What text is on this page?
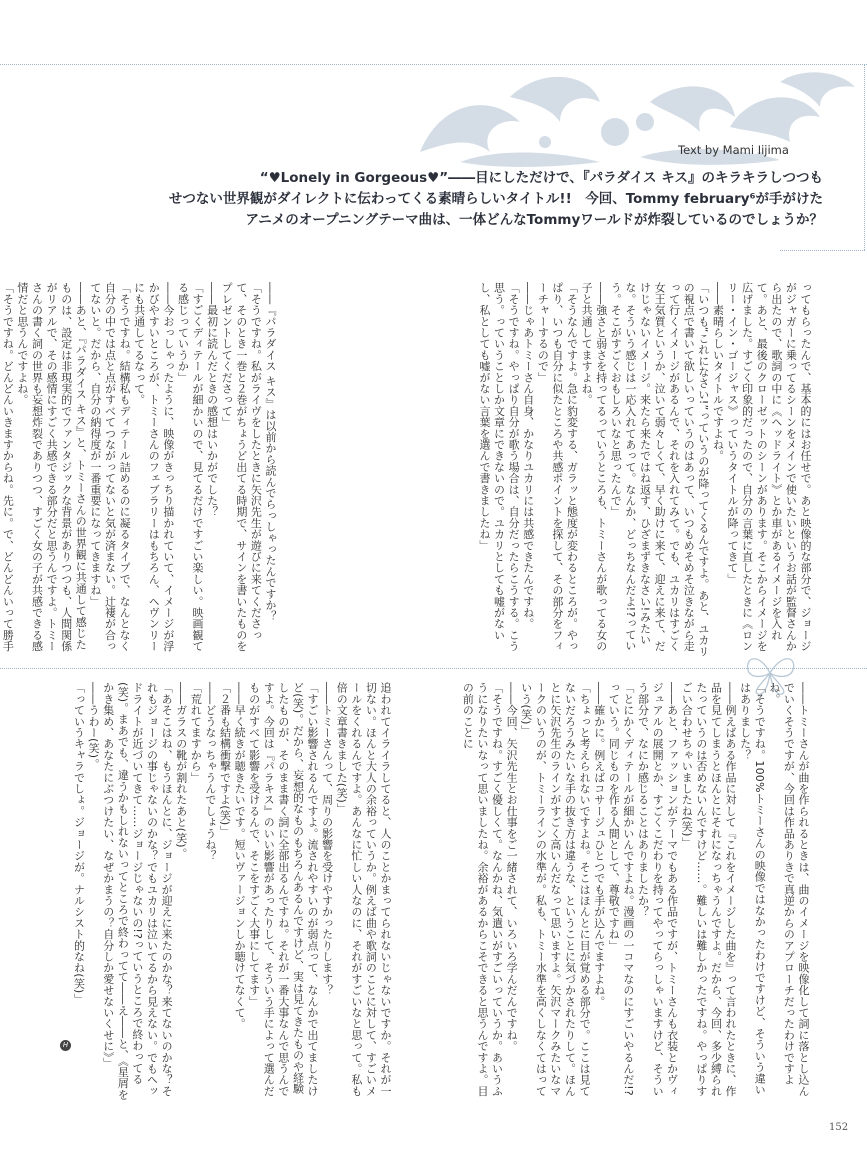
Text by Mami Iijima
“♥Lonely in Gorgeous♥”――目にしただけで、『パラダイス キス』のキラキラしつつも
せつない世界観がダイレクトに伝わってくる素晴らしいタイトル!!　今回、Tommy february⁶が手がけた
アニメのオープニングテーマ曲は、一体どんなTommyワールドが炸裂しているのでしょうか？

――『パラダイス キス』は以前から読んでらっしゃったんですか？

「そうですね。私がライヴをしたときに矢沢先生が遊びに来てくださって、そのとき一巻と２巻がちょうど出てる時期で、サインを書いたものをプレゼントしてくださって」

――最初に読んだときの感想はいかがでした？

「すごくディテールが細かいので、見てるだけですごい楽しい。映画観てる感じっていうか」

――今おっしゃったように、映像がきっちり描かれていて、イメージが浮かびやすいところが、トミーさんのフェブラリーはもちろん、ヘヴンリーにも共通してるなって。

「そうですね。結構私もディテール詰めるのに凝るタイプで、なんとなく自分の中では点と点がすべてつながってないと気が済まない。辻褄が合ってないと。だから、自分の納得度が一番重要になってきますね」

――あと、『パラダイス キス』と、トミーさんの世界観に共通して感じたものは、設定は非現実的でファンタジックな背景がありつつも、人間関係がリアルで、その感情にすごく共感できる部分だと思うんですよ。トミーさんの書く詞の世界も妄想炸裂でありつつ、すごく女の子が共感できる感情だと思うんですよね。

「そうですね。どんどんいきますからね。先に。で、どんどんいって勝手	ってもらったんで、基本的にはお任せで。あと映像的な部分で、ジョージがジャガーに乗ってるシーンをメインで使いたいというお話が監督さんから出たので、歌詞の中に《ヘッドライト》とか車があるイメージを入れて。あと、最後のクローゼットのシーンがあります。そこからイメージを広げました。すごく印象的だったので、自分の言葉に直したときに《ロンリー・イン・ゴージャス》っていうタイトルが降ってきて」

――素晴らしいタイトルですよね。

「いつも“これになさい!”っていうのが降ってくるんですよ。あと、ユカリの視点で書いて欲しいっていうのはあって、いつもめそめそ泣きながら走って行くイメージがあるんで、それを入れてみて。でも、ユカリはすごく女王気質というか、泣いて弱々しくて、早く助けに来て、迎えに来て、だけじゃないイメージ。来たら来たではね返す、ひざまずきなさい!みたいな。そういう感じは一応入れてあって。なんか、どっちなんだよ!?っていう。そこがすごくおもしろいなと思ったんで」

――強さと弱さを持ってるっていうところも、トミーさんが歌ってる女の子と共通してますよね。

「そうなんですよ。急に豹変する、ガラッと態度が変わるところが。やっぱり、いつも自分に似たところや共感ポイントを探して、その部分をフィーチャーするので」

――じゃあトミーさん自身、かなりユカリには共感できたんですね。

「そうですね。やっぱり自分が歌う場合は、自分だったらこうする。こう思う。っていうことしか文章にできないので。ユカリとしても嘘がないし、私としても嘘がない言葉を選んで書きましたね」

――トミーさんが曲を作られるときは、曲のイメージを映像化して詞に落とし込んでいくそうですが、今回は作品ありきで真逆からのアプローチだったわけですよね。

「そうですね。100%トミーさんの映像ではなかったわけですけど、そういう違いはありました？

――例えばある作品に対して『これをイメージした曲を』って言われたときに、作品を見てしまうとほんとにそれになっちゃうんですよ。だから、今回、多少縛られたっていうのは否めないんですけど……。難しいは難しかったですね。やっぱりすごい合わせちゃいましたね(笑)」

――あと、ファッションがテーマでもある作品ですが、トミーさんも衣装とかヴィジュアルの展開とか、すごくこだわりを持ってやってらっしゃいますけど、そういう部分で、なにか感じることはありましたか？

「とにかくディテールが細かいんですよね。漫画の一コマなのにすごいやるんだ!?っていう。同じものを作る人間として、尊敬ですね」

――確かに。例えばコサージュひとつでも手が込んでますよね。

「ちょっと考えられないですよね。そこはほんとに目が覚める部分で。ここは見てないだろうみたいな手の抜き方は違うな、ということに気づかされたりして。ほんとに矢沢先生のラインがすごく高いんだなって思いますよ。矢沢マークみたいなマークのいうのが、トミーラインの水準が。私も、トミー水準を高くしなくてはっていう(笑)」

――今回、矢沢先生とお仕事をご一緒されて、いろいろ学んだんですね。

「そうですね。すごく優しくて。なんかね、気遣いがすごいっていうか。あいうふうになりたいなって思いましたね。余裕があるからこそできると思うんですよ。目の前のことに

追われてイライラしてると、人のことかまってられないじゃないですか。それが一切ない。ほんと大人の余裕っていうか。例えば曲や歌詞のことに対して、すごいメールをくれるんですよ。あんなに忙しい人なのに、それがすごいなと思って。私も倍の文章書きました(笑)」

――トミーさんって、周りの影響を受けやすかったりします？

「すごい影響されるんですよ。流されやすいのが弱点って、なんかで出てましたけど(笑)。だから、妄想的なものもちろんあるんですけど、実は見てきたものや経験したものが、そのまま書く詞に全部出るんですね。それが一番大事なんで思うんですよ。今回は『パラキス』のいい影響があったりして、そういう手によって選んだものがすべて影響を受けるんで、そこをすごく大事にしてます」

――早く続きが聴きたいです。短いヴァージョンしか聴けてなくて。

「２番も結構衝撃ですよ(笑)」

――どうなっちゃうんでしょうね？

「荒れてますから」

――ガラスの靴が割れたあと(笑)。

「あそこはね、もうほんとに、ジョージが迎えに来たのかな？来てないのかな？それもジョージの事じゃないのかな？でもユカリは泣いてるから見えない。でもヘッドライトが近づいてきて……ジョージじゃないの!?っていうところで終わってる(笑)。まあでも、違うかもしれないってところで終わってて――え――と、《星屑をかき集め、あなたにぶつけたい、なぜかまうの？自分しか愛せないくせに》」

――うわー(笑)。

「っていうキャラでしょ。ジョージが。ナルシスト的なね(笑)」

H
152
